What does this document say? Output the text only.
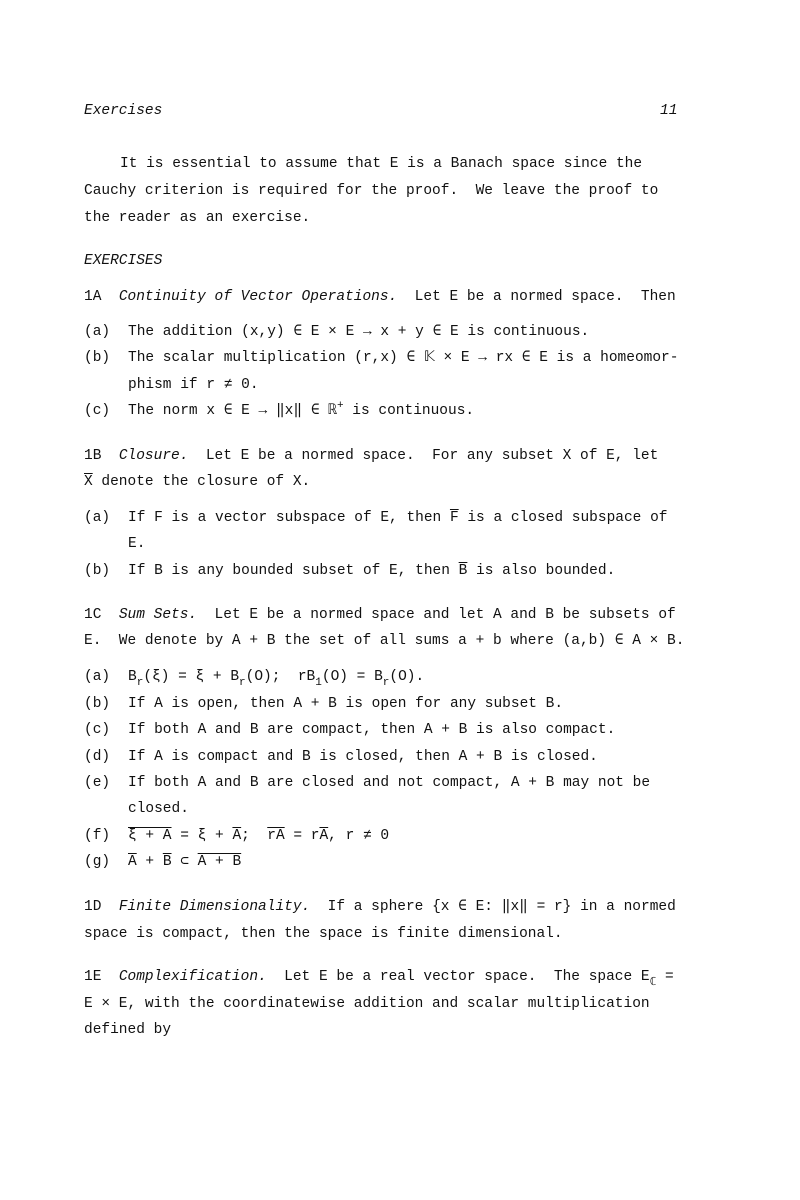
Exercises	11
It is essential to assume that E is a Banach space since the
Cauchy criterion is required for the proof.  We leave the proof to
the reader as an exercise.
EXERCISES
1A Continuity of Vector Operations. Let E be a normed space.  Then
(a) The addition (x,y) ∈ E × E → x + y ∈ E is continuous.
(b) The scalar multiplication (r,x) ∈ 𝕂 × E → rx ∈ E is a homeomor-
phism if r ≠ 0.
(c) The norm x ∈ E → ‖x‖ ∈ ℝ+ is continuous.
1B Closure. Let E be a normed space.  For any subset X of E, let
$\overline{X}$ denote the closure of X.
(a) If F is a vector subspace of E, then $\overline{F}$ is a closed subspace of
E.
(b) If B is any bounded subset of E, then $\overline{B}$ is also bounded.
1C Sum Sets. Let E be a normed space and let A and B be subsets of
E.  We denote by A + B the set of all sums a + b where (a,b) ∈ A × B.
(a) $B_r(\xi) = \xi + B_r(O)$;  $rB_1(O) = B_r(O)$.
(b) If A is open, then A + B is open for any subset B.
(c) If both A and B are compact, then A + B is also compact.
(d) If A is compact and B is closed, then A + B is closed.
(e) If both A and B are closed and not compact, A + B may not be
closed.
(f) $\xi + A = \xi + \overline{A}$;  $\overline{rA} = r\overline{A}$, r ≠ 0
(g) $\overline{A} + \overline{B}$ ⊂ A + B
1D Finite Dimensionality. If a sphere {x ∈ E: ‖x‖ = r} in a normed
space is compact, then the space is finite dimensional.
1E Complexification. Let E be a real vector space.  The space $E_ℂ$ =
E × E, with the coordinatewise addition and scalar multiplication
defined by
